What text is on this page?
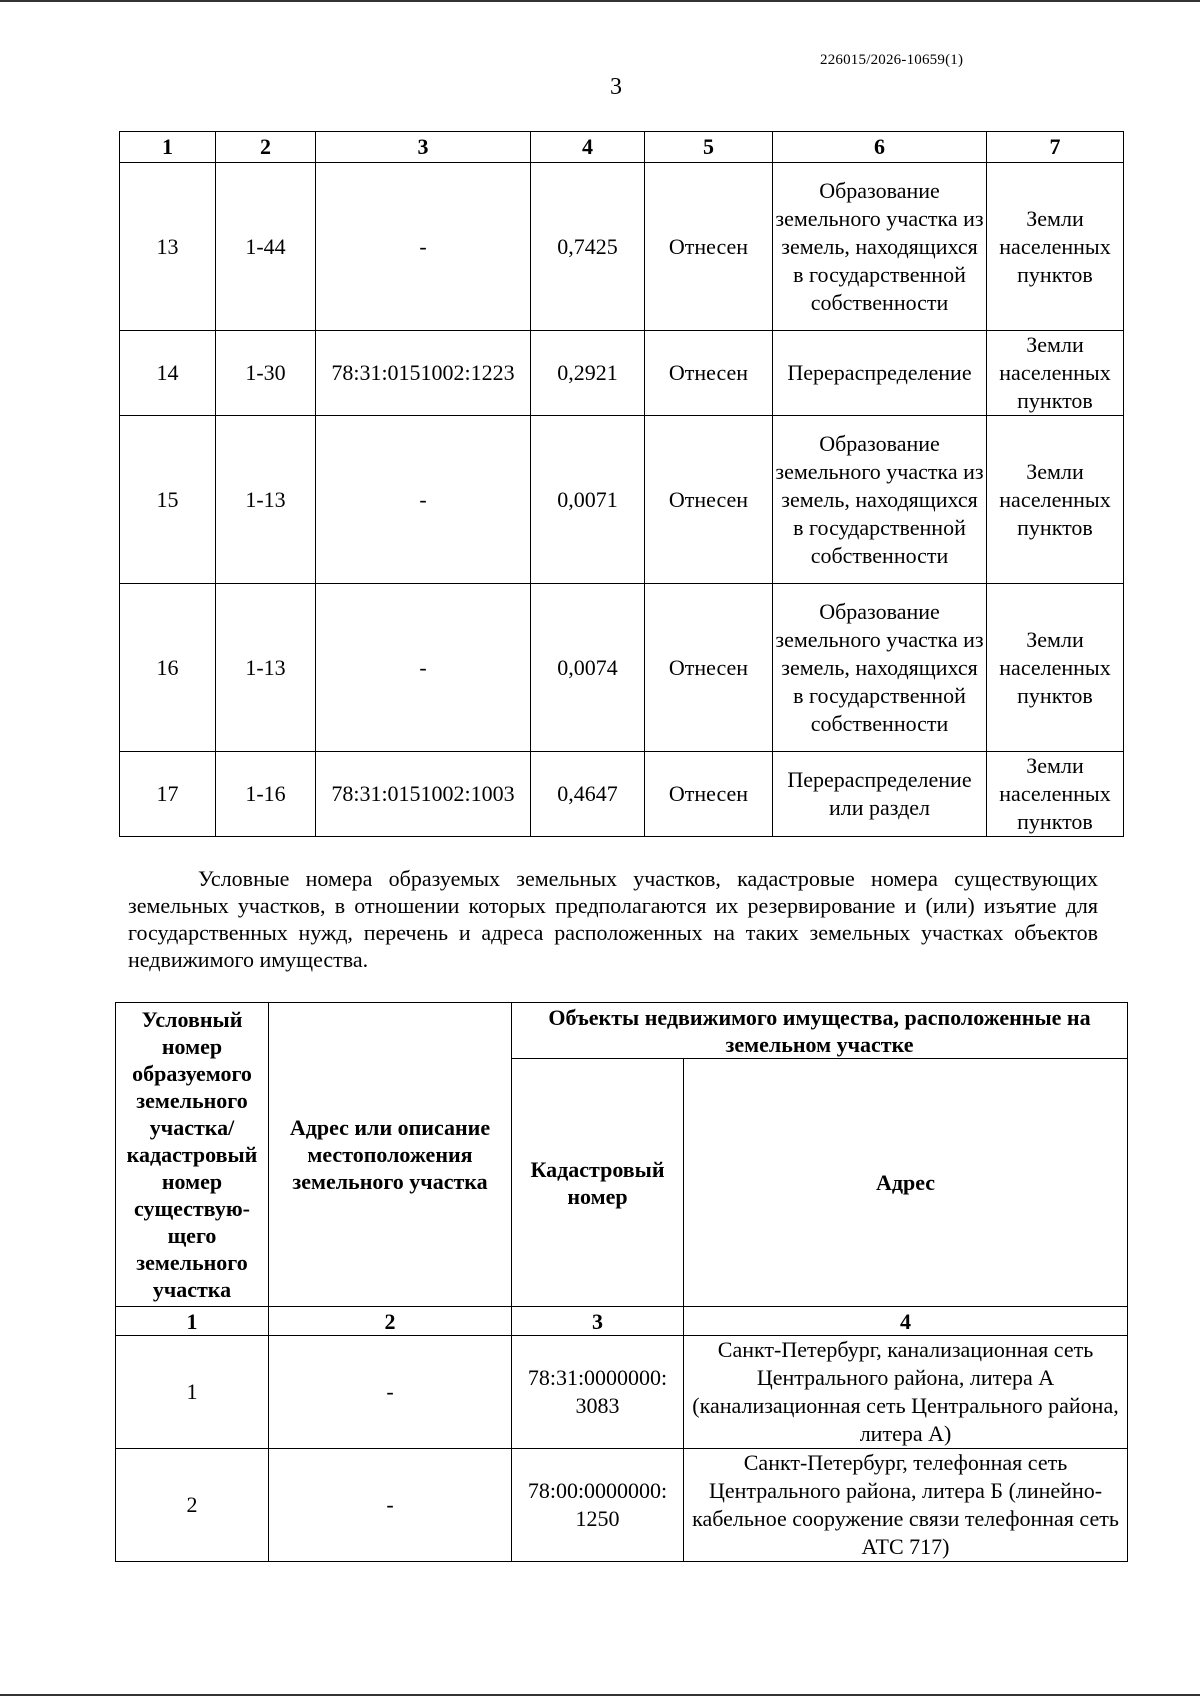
226015/2026-10659(1)
3
1	2	3	4	5	6	7
13	1-44	-	0,7425	Отнесен	Образование земельного участка из земель, находящихся в государственной собственности	Земли населенных пунктов
14	1-30	78:31:0151002:1223	0,2921	Отнесен	Перераспределение	Земли населенных пунктов
15	1-13	-	0,0071	Отнесен	Образование земельного участка из земель, находящихся в государственной собственности	Земли населенных пунктов
16	1-13	-	0,0074	Отнесен	Образование земельного участка из земель, находящихся в государственной собственности	Земли населенных пунктов
17	1-16	78:31:0151002:1003	0,4647	Отнесен	Перераспределение или раздел	Земли населенных пунктов
Условные номера образуемых земельных участков, кадастровые номера существующих земельных участков, в отношении которых предполагаются их резервирование и (или) изъятие для государственных нужд, перечень и адреса расположенных на таких земельных участках объектов недвижимого имущества.
Условный номер образуемого земельного участка/ кадастровый номер существую-щего земельного участка	Адрес или описание местоположения земельного участка	Объекты недвижимого имущества, расположенные на земельном участке	
		Кадастровый номер	Адрес
1	2	3	4
1	-	78:31:0000000: 3083	Санкт-Петербург, канализационная сеть Центрального района, литера А (канализационная сеть Центрального района, литера А)
2	-	78:00:0000000: 1250	Санкт-Петербург, телефонная сеть Центрального района, литера Б (линейно-кабельное сооружение связи телефонная сеть АТС 717)
